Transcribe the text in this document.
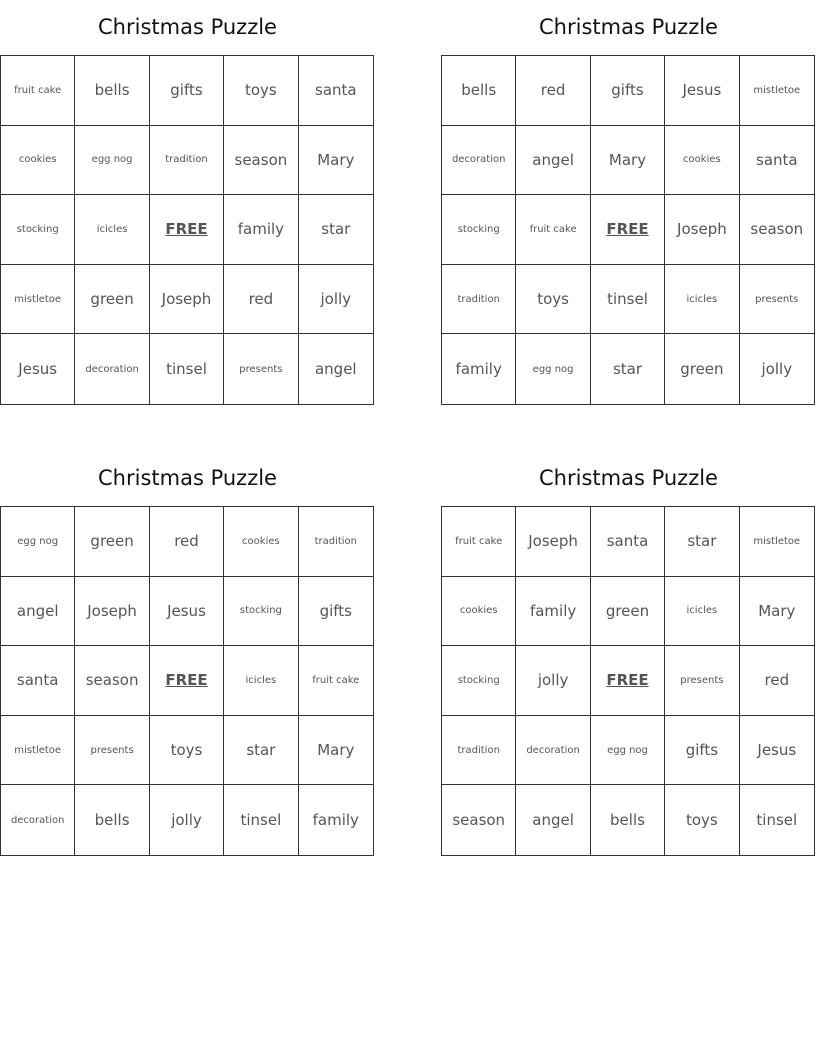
Christmas Puzzle
fruit cake	bells	gifts	toys	santa
cookies	egg nog	tradition	season	Mary
stocking	icicles	FREE	family	star
mistletoe	green	Joseph	red	jolly
Jesus	decoration	tinsel	presents	angel
Christmas Puzzle
bells	red	gifts	Jesus	mistletoe
decoration	angel	Mary	cookies	santa
stocking	fruit cake	FREE	Joseph	season
tradition	toys	tinsel	icicles	presents
family	egg nog	star	green	jolly
Christmas Puzzle
egg nog	green	red	cookies	tradition
angel	Joseph	Jesus	stocking	gifts
santa	season	FREE	icicles	fruit cake
mistletoe	presents	toys	star	Mary
decoration	bells	jolly	tinsel	family
Christmas Puzzle
fruit cake	Joseph	santa	star	mistletoe
cookies	family	green	icicles	Mary
stocking	jolly	FREE	presents	red
tradition	decoration	egg nog	gifts	Jesus
season	angel	bells	toys	tinsel
